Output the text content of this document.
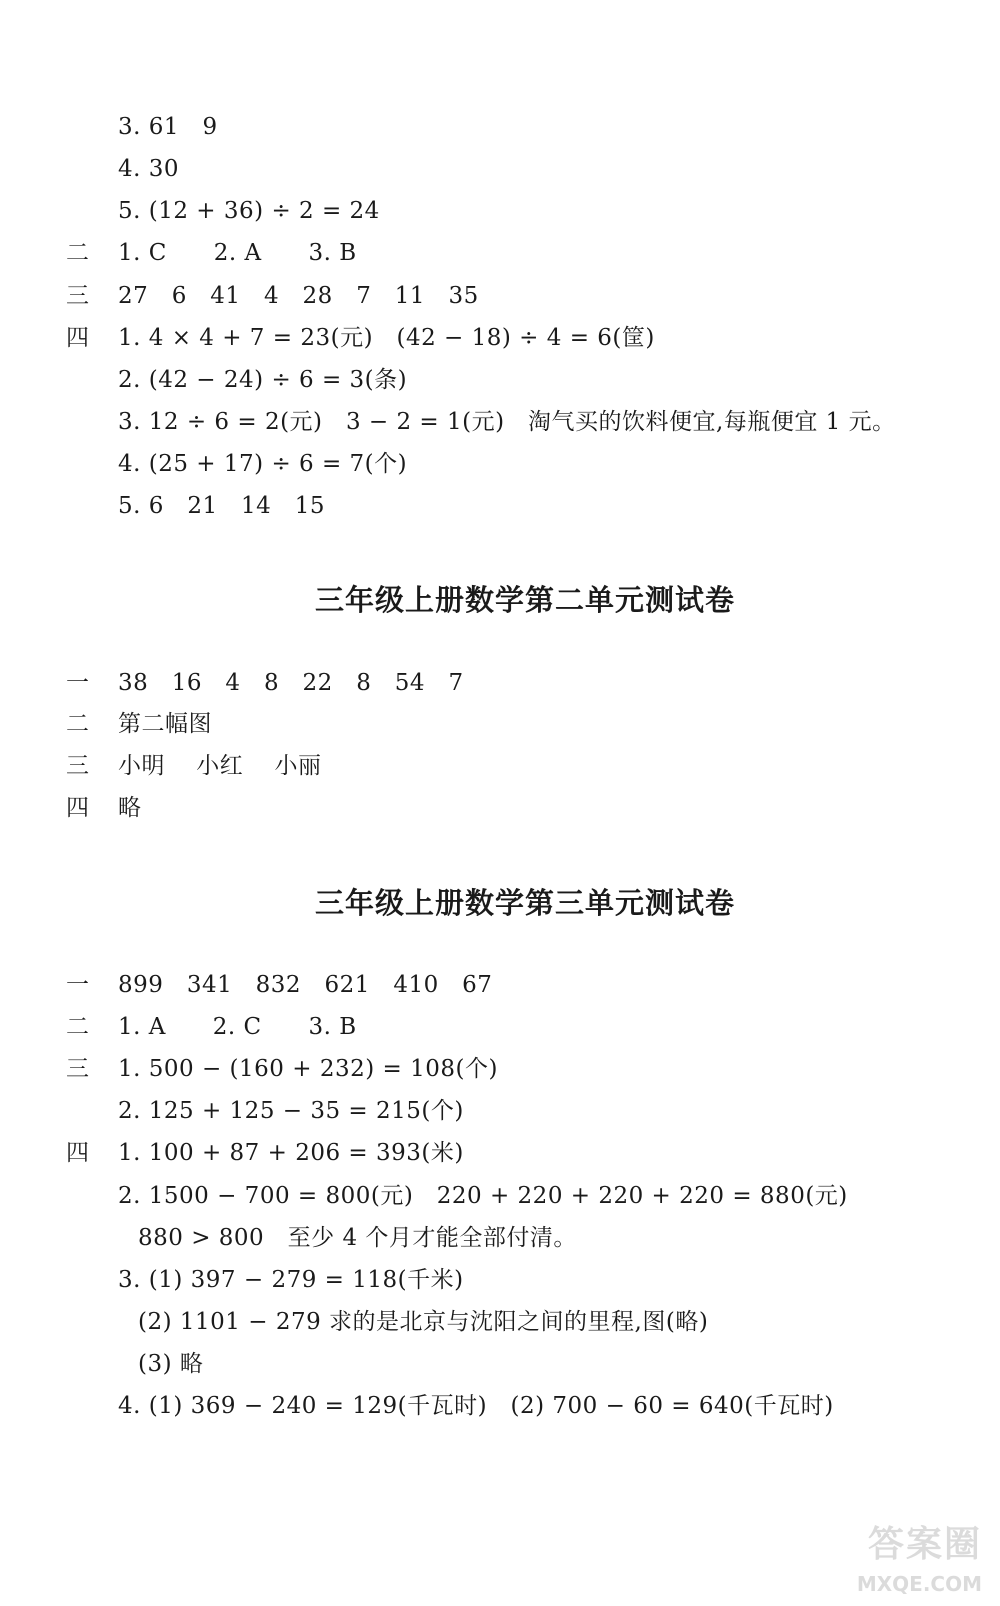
3. 61   9
4. 30
5. (12 + 36) ÷ 2 = 24
二 1. C      2. A      3. B
三 27   6   41   4   28   7   11   35
四 1. 4 × 4 + 7 = 23(元)   (42 − 18) ÷ 4 = 6(筐)
2. (42 − 24) ÷ 6 = 3(条)
3. 12 ÷ 6 = 2(元)   3 − 2 = 1(元)   淘气买的饮料便宜,每瓶便宜 1 元。
4. (25 + 17) ÷ 6 = 7(个)
5. 6   21   14   15
三年级上册数学第二单元测试卷
一 38   16   4   8   22   8   54   7
二 第二幅图
三 小明    小红    小丽
四 略
三年级上册数学第三单元测试卷
一 899   341   832   621   410   67
二 1. A      2. C      3. B
三 1. 500 − (160 + 232) = 108(个)
2. 125 + 125 − 35 = 215(个)
四 1. 100 + 87 + 206 = 393(米)
2. 1500 − 700 = 800(元)   220 + 220 + 220 + 220 = 880(元)
880 > 800   至少 4 个月才能全部付清。
3. (1) 397 − 279 = 118(千米)
(2) 1101 − 279 求的是北京与沈阳之间的里程,图(略)
(3) 略
4. (1) 369 − 240 = 129(千瓦时)   (2) 700 − 60 = 640(千瓦时)
答案圈
MXQE.COM
